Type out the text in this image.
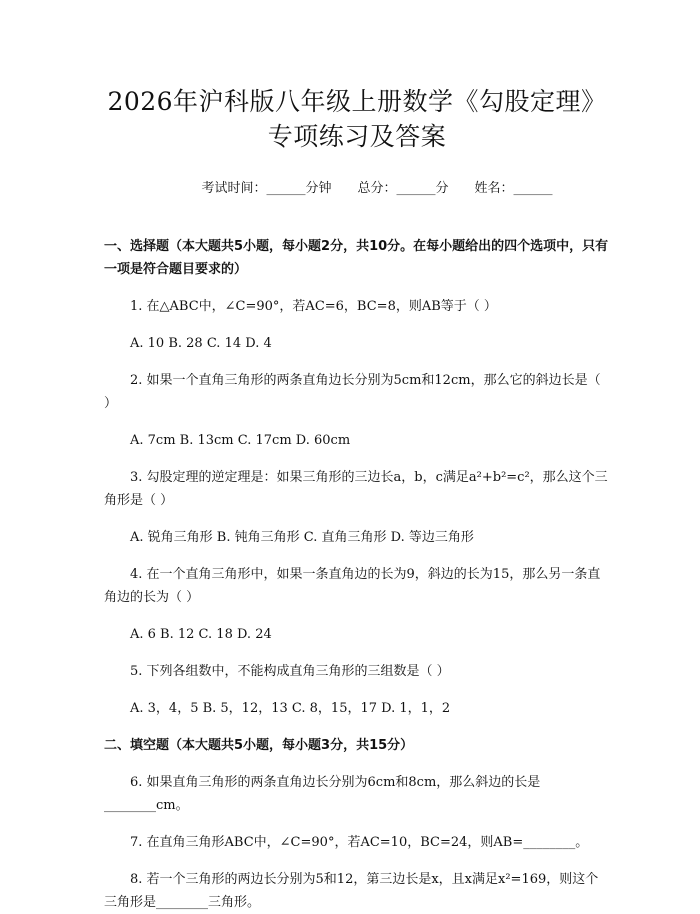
2026年沪科版八年级上册数学《勾股定理》
专项练习及答案
考试时间：______分钟 总分：______分 姓名：______

一、选择题（本大题共5小题，每小题2分，共10分。在每小题给出的四个选项中，只有一项是符合题目要求的）

1. 在△ABC中，∠C=90°，若AC=6，BC=8，则AB等于（ ）

A. 10 B. 28 C. 14 D. 4

2. 如果一个直角三角形的两条直角边长分别为5cm和12cm，那么它的斜边长是（ ）

A. 7cm B. 13cm C. 17cm D. 60cm

3. 勾股定理的逆定理是：如果三角形的三边长a，b，c满足a²+b²=c²，那么这个三角形是（ ）

A. 锐角三角形 B. 钝角三角形 C. 直角三角形 D. 等边三角形

4. 在一个直角三角形中，如果一条直角边的长为9，斜边的长为15，那么另一条直角边的长为（ ）

A. 6 B. 12 C. 18 D. 24

5. 下列各组数中，不能构成直角三角形的三组数是（ ）

A. 3，4，5 B. 5，12，13 C. 8，15，17 D. 1，1，2

二、填空题（本大题共5小题，每小题3分，共15分）

6. 如果直角三角形的两条直角边长分别为6cm和8cm，那么斜边的长是________cm。

7. 在直角三角形ABC中，∠C=90°，若AC=10，BC=24，则AB=________。

8. 若一个三角形的两边长分别为5和12，第三边长是x，且x满足x²=169，则这个三角形是________三角形。
